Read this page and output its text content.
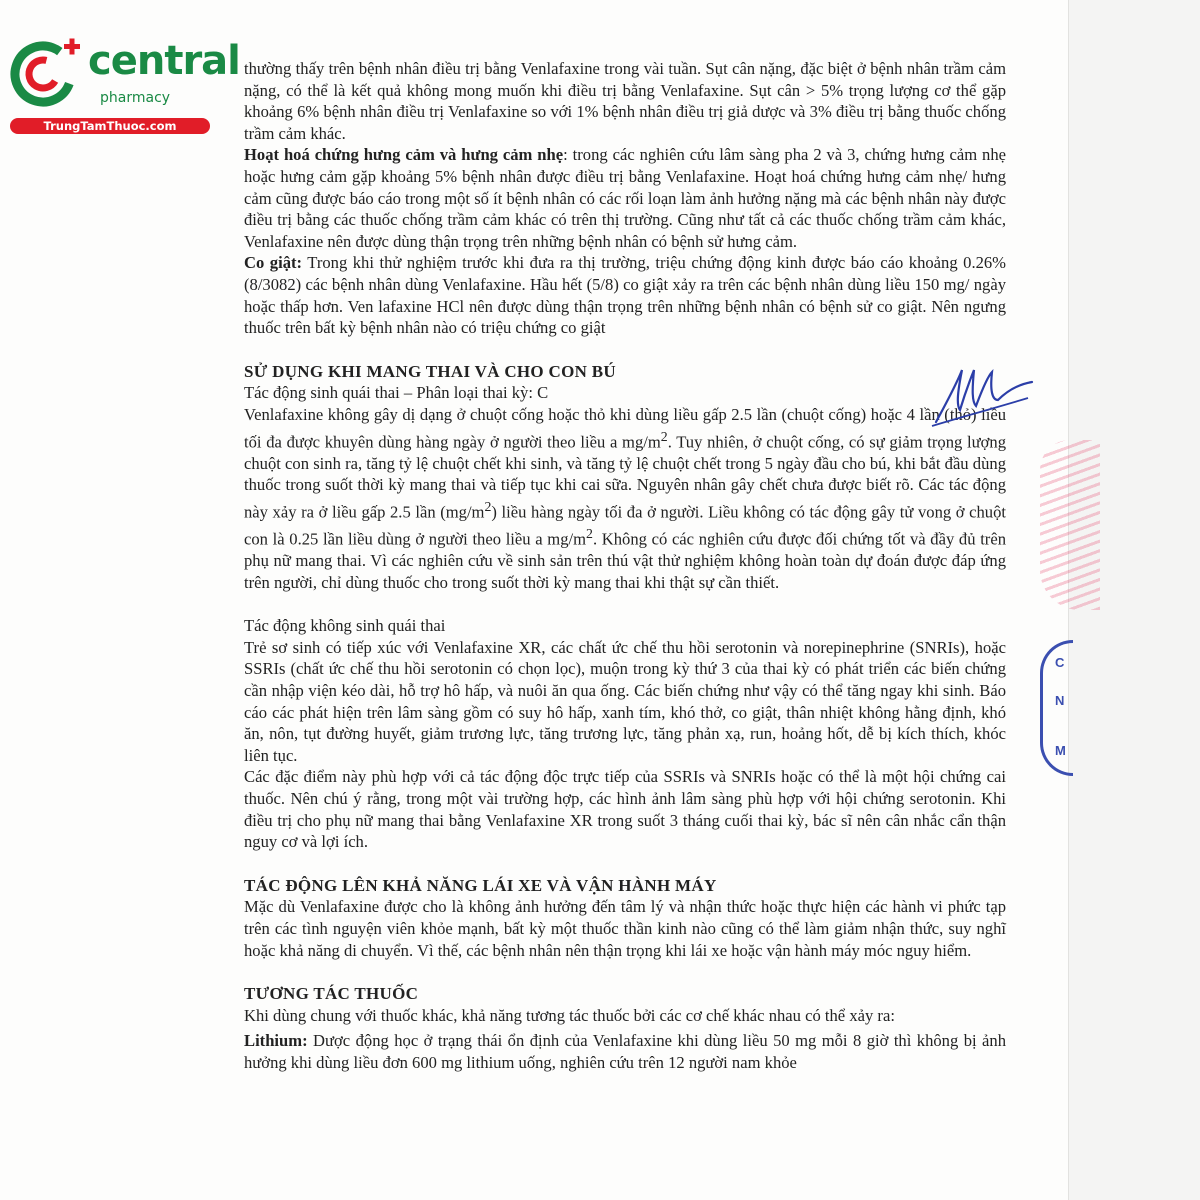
C
N
M
central
pharmacy
TrungTamThuoc.com

thường thấy trên bệnh nhân điều trị bằng Venlafaxine trong vài tuần. Sụt cân nặng, đặc biệt ở bệnh nhân trầm cảm nặng, có thể là kết quả không mong muốn khi điều trị bằng Venlafaxine. Sụt cân > 5% trọng lượng cơ thể gặp khoảng 6% bệnh nhân điều trị Venlafaxine so với 1% bệnh nhân điều trị giả dược và 3% điều trị bằng thuốc chống trầm cảm khác.

Hoạt hoá chứng hưng cảm và hưng cảm nhẹ: trong các nghiên cứu lâm sàng pha 2 và 3, chứng hưng cảm nhẹ hoặc hưng cảm gặp khoảng 5% bệnh nhân được điều trị bằng Venlafaxine. Hoạt hoá chứng hưng cảm nhẹ/ hưng cảm cũng được báo cáo trong một số ít bệnh nhân có các rối loạn làm ảnh hưởng nặng mà các bệnh nhân này được điều trị bằng các thuốc chống trầm cảm khác có trên thị trường. Cũng như tất cả các thuốc chống trầm cảm khác, Venlafaxine nên được dùng thận trọng trên những bệnh nhân có bệnh sử hưng cảm.

Co giật: Trong khi thử nghiệm trước khi đưa ra thị trường, triệu chứng động kinh được báo cáo khoảng 0.26% (8/3082) các bệnh nhân dùng Venlafaxine. Hầu hết (5/8) co giật xảy ra trên các bệnh nhân dùng liều 150 mg/ ngày hoặc thấp hơn. Ven lafaxine HCl nên được dùng thận trọng trên những bệnh nhân có bệnh sử co giật. Nên ngưng thuốc trên bất kỳ bệnh nhân nào có triệu chứng co giật

SỬ DỤNG KHI MANG THAI VÀ CHO CON BÚ

Tác động sinh quái thai – Phân loại thai kỳ: C

Venlafaxine không gây dị dạng ở chuột cống hoặc thỏ khi dùng liều gấp 2.5 lần (chuột cống) hoặc 4 lần (thỏ) liều tối đa được khuyên dùng hàng ngày ở người theo liều a $mg/m^2$. Tuy nhiên, ở chuột cống, có sự giảm trọng lượng chuột con sinh ra, tăng tỷ lệ chuột chết khi sinh, và tăng tỷ lệ chuột chết trong 5 ngày đầu cho bú, khi bắt đầu dùng thuốc trong suốt thời kỳ mang thai và tiếp tục khi cai sữa. Nguyên nhân gây chết chưa được biết rõ. Các tác động này xảy ra ở liều gấp 2.5 lần $(mg/m^2)$ liều hàng ngày tối đa ở người. Liều không có tác động gây tử vong ở chuột con là 0.25 lần liều dùng ở người theo liều a $mg/m^2$. Không có các nghiên cứu được đối chứng tốt và đầy đủ trên phụ nữ mang thai. Vì các nghiên cứu về sinh sản trên thú vật thử nghiệm không hoàn toàn dự đoán được đáp ứng trên người, chỉ dùng thuốc cho trong suốt thời kỳ mang thai khi thật sự cần thiết.

Tác động không sinh quái thai

Trẻ sơ sinh có tiếp xúc với Venlafaxine XR, các chất ức chế thu hồi serotonin và norepinephrine (SNRIs), hoặc SSRIs (chất ức chế thu hồi serotonin có chọn lọc), muộn trong kỳ thứ 3 của thai kỳ có phát triển các biến chứng cần nhập viện kéo dài, hỗ trợ hô hấp, và nuôi ăn qua ống. Các biến chứng như vậy có thể tăng ngay khi sinh. Báo cáo các phát hiện trên lâm sàng gồm có suy hô hấp, xanh tím, khó thở, co giật, thân nhiệt không hằng định, khó ăn, nôn, tụt đường huyết, giảm trương lực, tăng trương lực, tăng phản xạ, run, hoảng hốt, dễ bị kích thích, khóc liên tục.

Các đặc điểm này phù hợp với cả tác động độc trực tiếp của SSRIs và SNRIs hoặc có thể là một hội chứng cai thuốc. Nên chú ý rằng, trong một vài trường hợp, các hình ảnh lâm sàng phù hợp với hội chứng serotonin. Khi điều trị cho phụ nữ mang thai bằng Venlafaxine XR trong suốt 3 tháng cuối thai kỳ, bác sĩ nên cân nhắc cẩn thận nguy cơ và lợi ích.

TÁC ĐỘNG LÊN KHẢ NĂNG LÁI XE VÀ VẬN HÀNH MÁY

Mặc dù Venlafaxine được cho là không ảnh hưởng đến tâm lý và nhận thức hoặc thực hiện các hành vi phức tạp trên các tình nguyện viên khỏe mạnh, bất kỳ một thuốc thần kinh nào cũng có thể làm giảm nhận thức, suy nghĩ hoặc khả năng di chuyển. Vì thế, các bệnh nhân nên thận trọng khi lái xe hoặc vận hành máy móc nguy hiểm.

TƯƠNG TÁC THUỐC

Khi dùng chung với thuốc khác, khả năng tương tác thuốc bởi các cơ chế khác nhau có thể xảy ra:

Lithium: Dược động học ở trạng thái ổn định của Venlafaxine khi dùng liều 50 mg mỗi 8 giờ thì không bị ảnh hưởng khi dùng liều đơn 600 mg lithium uống, nghiên cứu trên 12 người nam khỏe
